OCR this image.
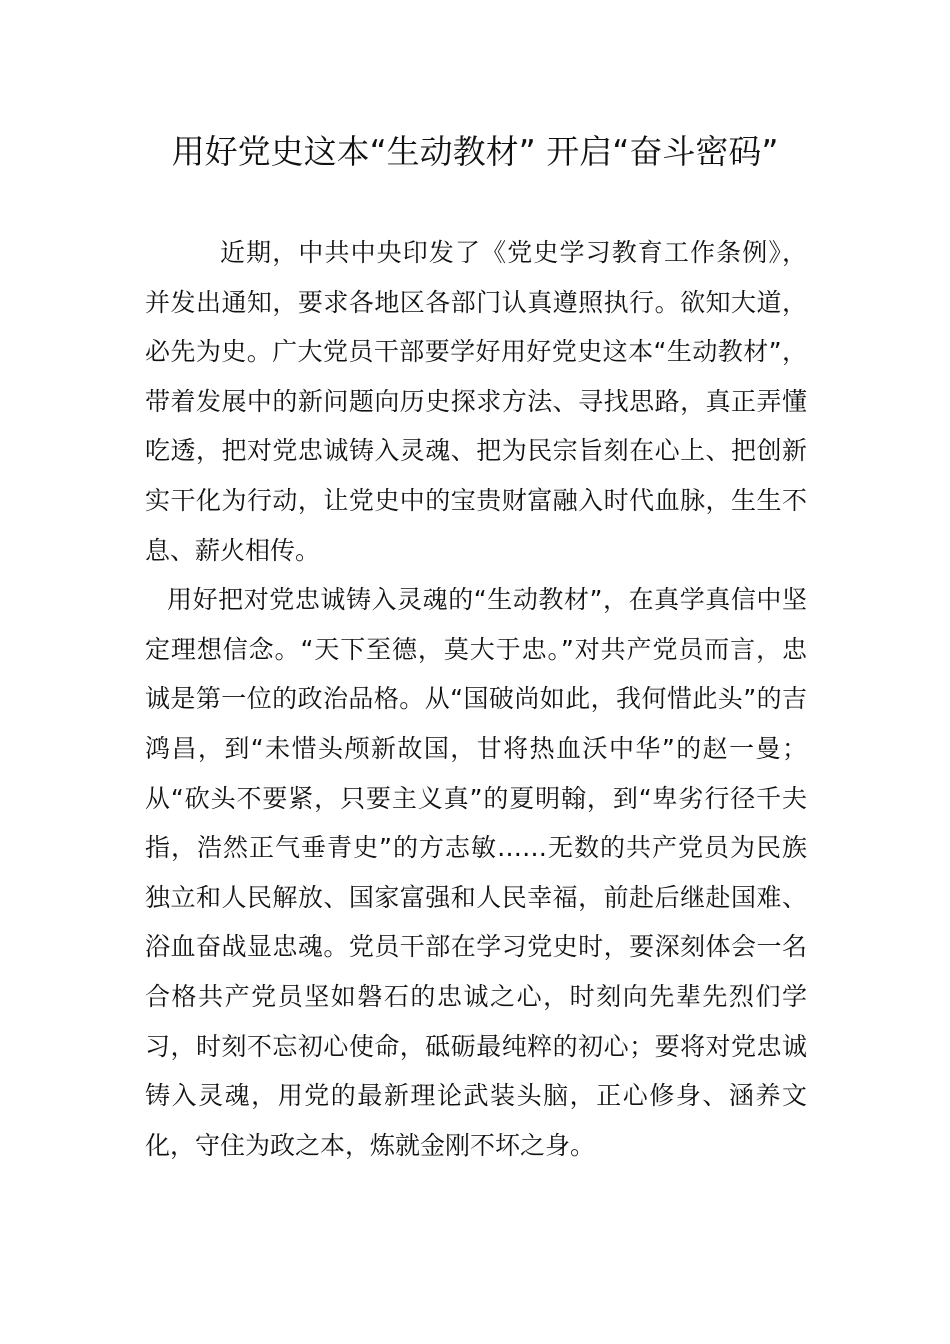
用好党史这本“生动教材” 开启“奋斗密码”

近期，中共中央印发了《党史学习教育工作条例》，并发出通知，要求各地区各部门认真遵照执行。欲知大道，必先为史。广大党员干部要学好用好党史这本“生动教材”，带着发展中的新问题向历史探求方法、寻找思路，真正弄懂吃透，把对党忠诚铸入灵魂、把为民宗旨刻在心上、把创新实干化为行动，让党史中的宝贵财富融入时代血脉，生生不息、薪火相传。

用好把对党忠诚铸入灵魂的“生动教材”，在真学真信中坚定理想信念。“天下至德，莫大于忠。”对共产党员而言，忠诚是第一位的政治品格。从“国破尚如此，我何惜此头”的吉鸿昌，到“未惜头颅新故国，甘将热血沃中华”的赵一曼；从“砍头不要紧，只要主义真”的夏明翰，到“卑劣行径千夫指，浩然正气垂青史”的方志敏……无数的共产党员为民族独立和人民解放、国家富强和人民幸福，前赴后继赴国难、浴血奋战显忠魂。党员干部在学习党史时，要深刻体会一名合格共产党员坚如磐石的忠诚之心，时刻向先辈先烈们学习，时刻不忘初心使命，砥砺最纯粹的初心；要将对党忠诚铸入灵魂，用党的最新理论武装头脑，正心修身、涵养文化，守住为政之本，炼就金刚不坏之身。
